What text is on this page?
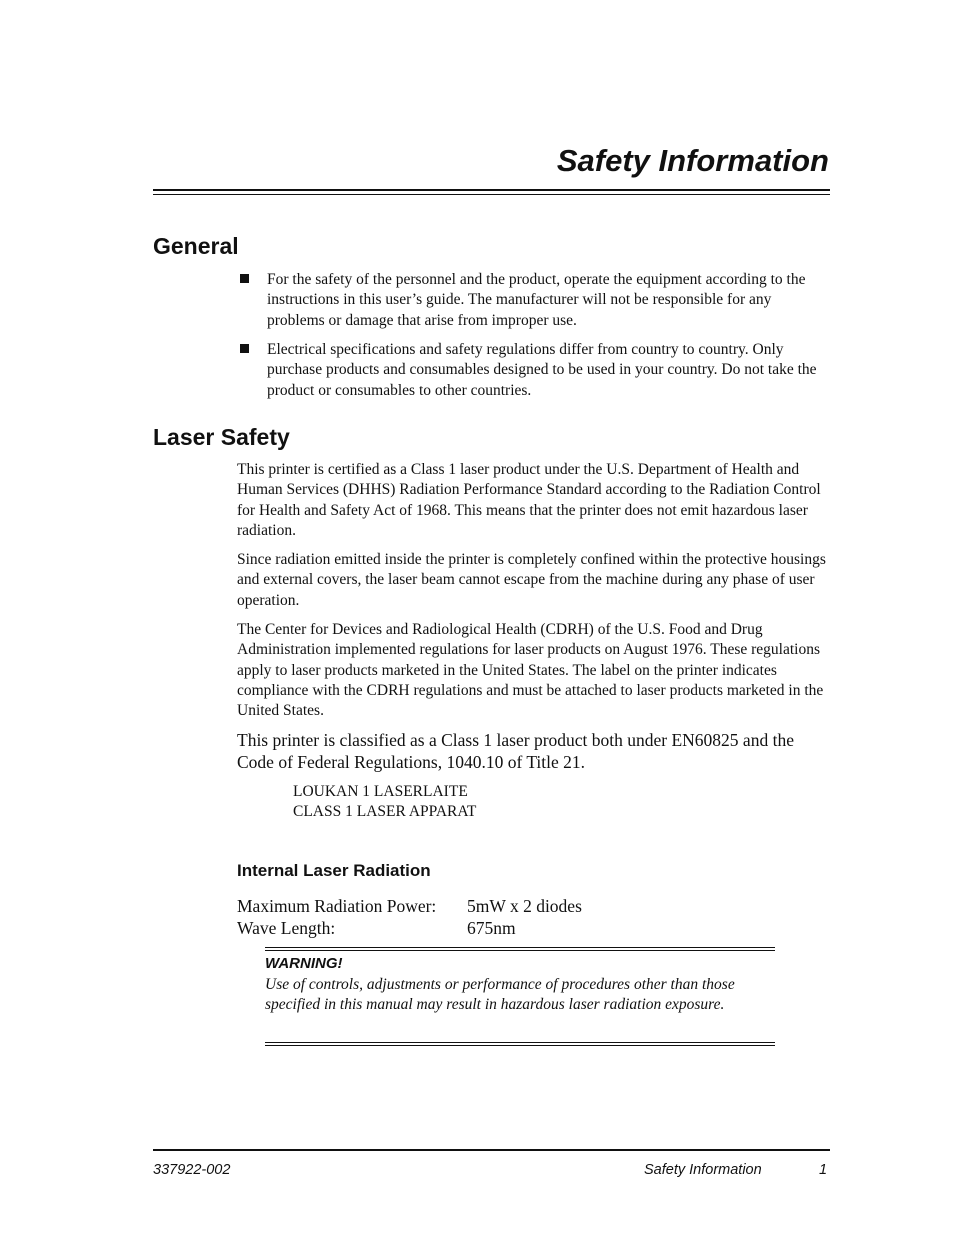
Safety Information
General
For the safety of the personnel and the product, operate the equipment according to the instructions in this user’s guide. The manufacturer will not be responsible for any problems or damage that arise from improper use.
Electrical specifications and safety regulations differ from country to country. Only purchase products and consumables designed to be used in your country. Do not take the product or consumables to other countries.
Laser Safety

This printer is certified as a Class 1 laser product under the U.S. Department of Health and Human Services (DHHS) Radiation Performance Standard according to the Radiation Control for Health and Safety Act of 1968. This means that the printer does not emit hazardous laser radiation.

Since radiation emitted inside the printer is completely confined within the protective housings and external covers, the laser beam cannot escape from the machine during any phase of user operation.

The Center for Devices and Radiological Health (CDRH) of the U.S. Food and Drug Administration implemented regulations for laser products on August 1976. These regulations apply to laser products marketed in the United States. The label on the printer indicates compliance with the CDRH regulations and must be attached to laser products marketed in the United States.

This printer is classified as a Class 1 laser product both under EN60825 and the Code of Federal Regulations, 1040.10 of Title 21.

LOUKAN 1 LASERLAITE
CLASS 1 LASER APPARAT
Internal Laser Radiation
Maximum Radiation Power: 5mW x 2 diodes
Wave Length:	675nm
WARNING!
Use of controls, adjustments or performance of procedures other than those specified in this manual may result in hazardous laser radiation exposure.
337922-002	Safety Information	1
